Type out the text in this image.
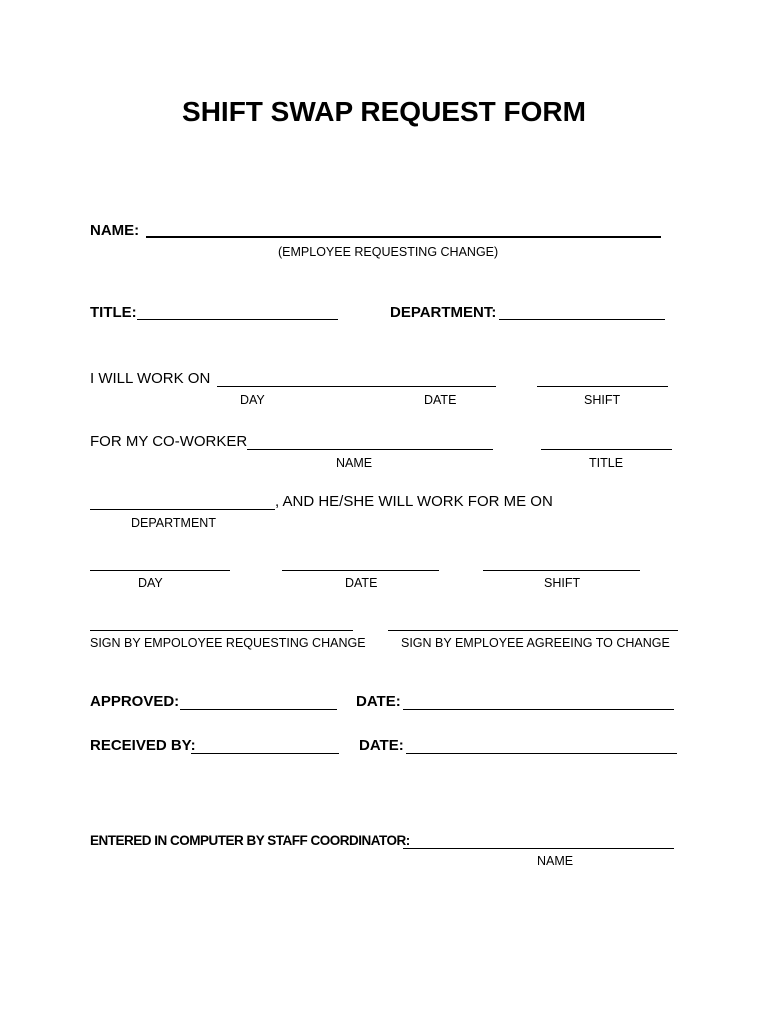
SHIFT SWAP REQUEST FORM
NAME:
(EMPLOYEE REQUESTING CHANGE)
TITLE:	DEPARTMENT:
I WILL WORK ON
DAY	DATE	SHIFT
FOR MY CO-WORKER
NAME	TITLE
, AND HE/SHE WILL WORK FOR ME ON
DEPARTMENT
DAY	DATE	SHIFT
SIGN BY EMPOLOYEE REQUESTING CHANGE	SIGN BY EMPLOYEE AGREEING TO CHANGE
APPROVED:	DATE:
RECEIVED BY:	DATE:
ENTERED IN COMPUTER BY STAFF COORDINATOR:
NAME
